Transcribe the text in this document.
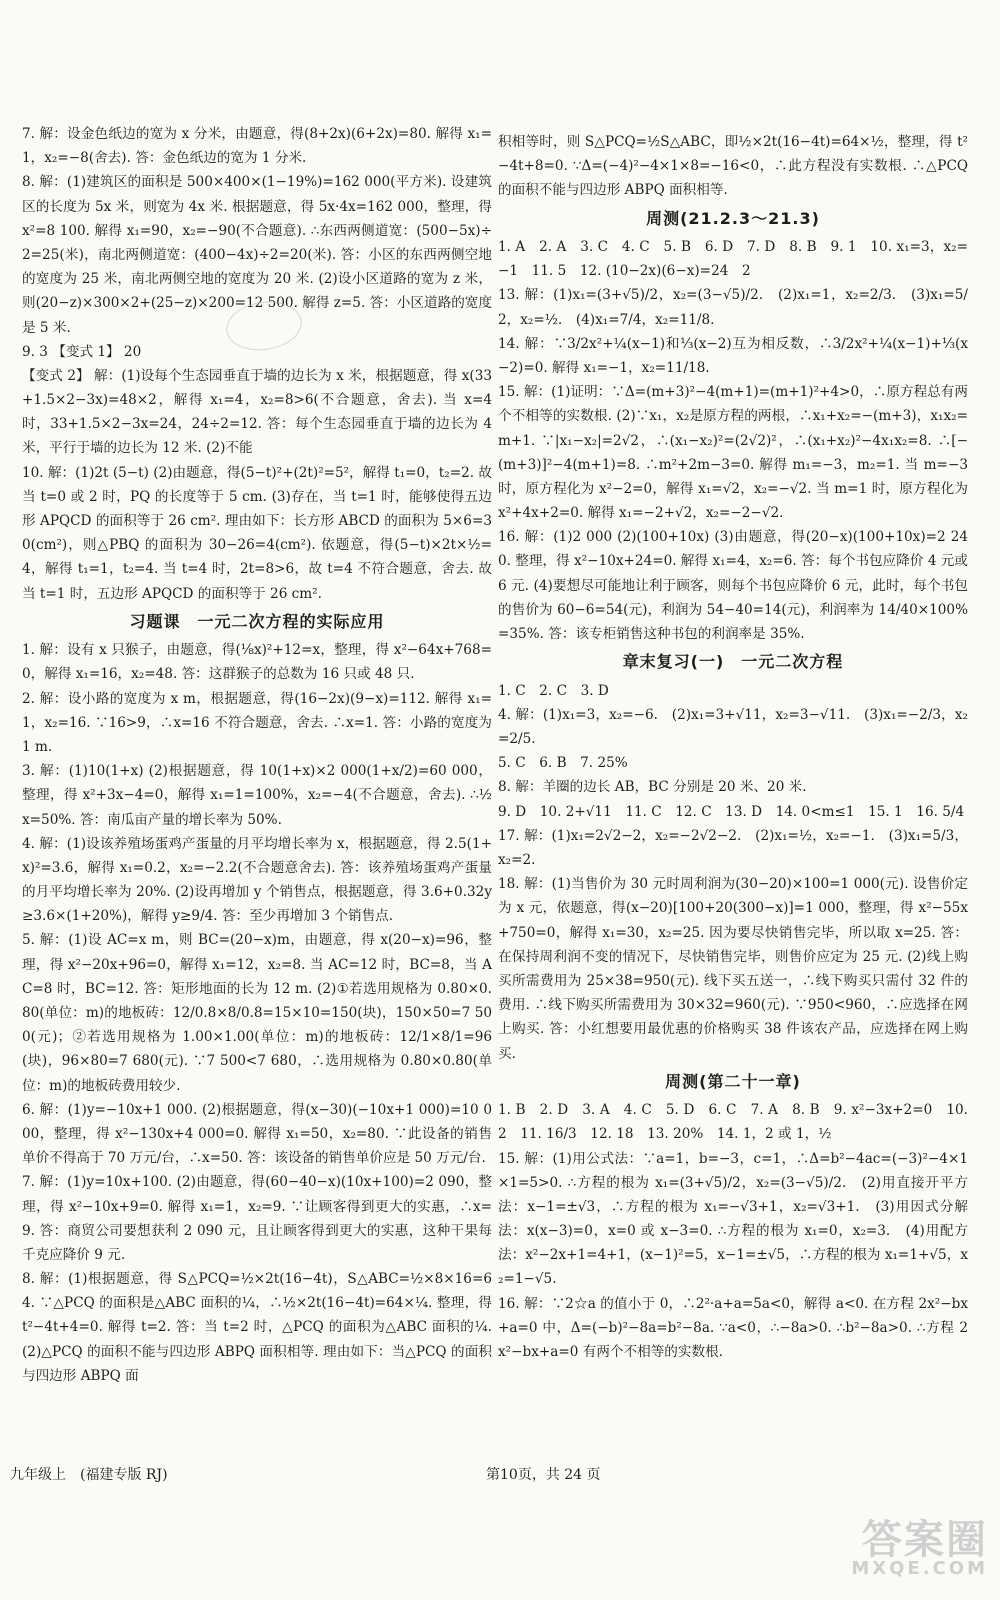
7. 解：设金色纸边的宽为 x 分米，由题意，得(8+2x)(6+2x)=80. 解得 x₁=1，x₂=−8(舍去). 答：金色纸边的宽为 1 分米.
8. 解：(1)建筑区的面积是 500×400×(1−19%)=162 000(平方米). 设建筑区的长度为 5x 米，则宽为 4x 米. 根据题意，得 5x·4x=162 000，整理，得 x²=8 100. 解得 x₁=90，x₂=−90(不合题意). ∴东西两侧道宽：(500−5x)÷2=25(米)，南北两侧道宽：(400−4x)÷2=20(米). 答：小区的东西两侧空地的宽度为 25 米，南北两侧空地的宽度为 20 米. (2)设小区道路的宽为 z 米，则(20−z)×300×2+(25−z)×200=12 500. 解得 z=5. 答：小区道路的宽度是 5 米.
9. 3 【变式 1】 20
【变式 2】 解：(1)设每个生态园垂直于墙的边长为 x 米，根据题意，得 x(33+1.5×2−3x)=48×2，解得 x₁=4，x₂=8>6(不合题意，舍去). 当 x=4 时，33+1.5×2−3x=24，24÷2=12. 答：每个生态园垂直于墙的边长为 4 米，平行于墙的边长为 12 米. (2)不能
10. 解：(1)2t (5−t) (2)由题意，得(5−t)²+(2t)²=5²，解得 t₁=0，t₂=2. 故当 t=0 或 2 时，PQ 的长度等于 5 cm. (3)存在，当 t=1 时，能够使得五边形 APQCD 的面积等于 26 cm². 理由如下：长方形 ABCD 的面积为 5×6=30(cm²)，则△PBQ 的面积为 30−26=4(cm²). 依题意，得(5−t)×2t×½=4，解得 t₁=1，t₂=4. 当 t=4 时，2t=8>6，故 t=4 不符合题意，舍去. 故当 t=1 时，五边形 APQCD 的面积等于 26 cm².
习题课　一元二次方程的实际应用
1. 解：设有 x 只猴子，由题意，得(⅛x)²+12=x，整理，得 x²−64x+768=0，解得 x₁=16，x₂=48. 答：这群猴子的总数为 16 只或 48 只.
2. 解：设小路的宽度为 x m，根据题意，得(16−2x)(9−x)=112. 解得 x₁=1，x₂=16. ∵16>9，∴x=16 不符合题意，舍去. ∴x=1. 答：小路的宽度为 1 m.
3. 解：(1)10(1+x) (2)根据题意，得 10(1+x)×2 000(1+x/2)=60 000，整理，得 x²+3x−4=0，解得 x₁=1=100%，x₂=−4(不合题意，舍去). ∴½x=50%. 答：南瓜亩产量的增长率为 50%.
4. 解：(1)设该养殖场蛋鸡产蛋量的月平均增长率为 x，根据题意，得 2.5(1+x)²=3.6，解得 x₁=0.2，x₂=−2.2(不合题意舍去). 答：该养殖场蛋鸡产蛋量的月平均增长率为 20%. (2)设再增加 y 个销售点，根据题意，得 3.6+0.32y≥3.6×(1+20%)，解得 y≥9/4. 答：至少再增加 3 个销售点.
5. 解：(1)设 AC=x m，则 BC=(20−x)m，由题意，得 x(20−x)=96，整理，得 x²−20x+96=0，解得 x₁=12，x₂=8. 当 AC=12 时，BC=8，当 AC=8 时，BC=12. 答：矩形地面的长为 12 m. (2)①若选用规格为 0.80×0.80(单位：m)的地板砖：12/0.8×8/0.8=15×10=150(块)，150×50=7 500(元)；②若选用规格为 1.00×1.00(单位：m)的地板砖：12/1×8/1=96(块)，96×80=7 680(元). ∵7 500<7 680，∴选用规格为 0.80×0.80(单位：m)的地板砖费用较少.
6. 解：(1)y=−10x+1 000. (2)根据题意，得(x−30)(−10x+1 000)=10 000，整理，得 x²−130x+4 000=0. 解得 x₁=50，x₂=80. ∵此设备的销售单价不得高于 70 万元/台，∴x=50. 答：该设备的销售单价应是 50 万元/台.
7. 解：(1)y=10x+100. (2)由题意，得(60−40−x)(10x+100)=2 090，整理，得 x²−10x+9=0. 解得 x₁=1，x₂=9. ∵让顾客得到更大的实惠，∴x=9. 答：商贸公司要想获利 2 090 元，且让顾客得到更大的实惠，这种干果每千克应降价 9 元.
8. 解：(1)根据题意，得 S△PCQ=½×2t(16−4t)，S△ABC=½×8×16=64. ∵△PCQ 的面积是△ABC 面积的¼，∴½×2t(16−4t)=64×¼. 整理，得 t²−4t+4=0. 解得 t=2. 答：当 t=2 时，△PCQ 的面积为△ABC 面积的¼. (2)△PCQ 的面积不能与四边形 ABPQ 面积相等. 理由如下：当△PCQ 的面积与四边形 ABPQ 面
积相等时，则 S△PCQ=½S△ABC，即½×2t(16−4t)=64×½，整理，得 t²−4t+8=0. ∵Δ=(−4)²−4×1×8=−16<0，∴此方程没有实数根. ∴△PCQ 的面积不能与四边形 ABPQ 面积相等.
周测(21.2.3～21.3)
1. A　2. A　3. C　4. C　5. B　6. D　7. D　8. B　9. 1　10. x₁=3，x₂=−1　11. 5　12. (10−2x)(6−x)=24　2
13. 解：(1)x₁=(3+√5)/2，x₂=(3−√5)/2.　(2)x₁=1，x₂=2/3.　(3)x₁=5/2，x₂=½.　(4)x₁=7/4，x₂=11/8.
14. 解：∵3/2x²+¼(x−1)和⅓(x−2)互为相反数，∴3/2x²+¼(x−1)+⅓(x−2)=0. 解得 x₁=−1，x₂=11/18.
15. 解：(1)证明：∵Δ=(m+3)²−4(m+1)=(m+1)²+4>0，∴原方程总有两个不相等的实数根. (2)∵x₁，x₂是原方程的两根，∴x₁+x₂=−(m+3)，x₁x₂=m+1. ∵|x₁−x₂|=2√2，∴(x₁−x₂)²=(2√2)²，∴(x₁+x₂)²−4x₁x₂=8. ∴[−(m+3)]²−4(m+1)=8. ∴m²+2m−3=0. 解得 m₁=−3，m₂=1. 当 m=−3 时，原方程化为 x²−2=0，解得 x₁=√2，x₂=−√2. 当 m=1 时，原方程化为 x²+4x+2=0. 解得 x₁=−2+√2，x₂=−2−√2.
16. 解：(1)2 000 (2)(100+10x) (3)由题意，得(20−x)(100+10x)=2 240. 整理，得 x²−10x+24=0. 解得 x₁=4，x₂=6. 答：每个书包应降价 4 元或 6 元. (4)要想尽可能地让利于顾客，则每个书包应降价 6 元，此时，每个书包的售价为 60−6=54(元)，利润为 54−40=14(元)，利润率为 14/40×100%=35%. 答：该专柜销售这种书包的利润率是 35%.
章末复习(一)　一元二次方程
1. C　2. C　3. D
4. 解：(1)x₁=3，x₂=−6.　(2)x₁=3+√11，x₂=3−√11.　(3)x₁=−2/3，x₂=2/5.
5. C　6. B　7. 25%
8. 解：羊圈的边长 AB，BC 分别是 20 米、20 米.
9. D　10. 2+√11　11. C　12. C　13. D　14. 0<m≤1　15. 1　16. 5/4
17. 解：(1)x₁=2√2−2，x₂=−2√2−2.　(2)x₁=½，x₂=−1.　(3)x₁=5/3，x₂=2.
18. 解：(1)当售价为 30 元时周利润为(30−20)×100=1 000(元). 设售价定为 x 元，依题意，得(x−20)[100+20(300−x)]=1 000，整理，得 x²−55x+750=0，解得 x₁=30，x₂=25. 因为要尽快销售完毕，所以取 x=25. 答：在保持周利润不变的情况下，尽快销售完毕，则售价应定为 25 元. (2)线上购买所需费用为 25×38=950(元). 线下买五送一，∴线下购买只需付 32 件的费用. ∴线下购买所需费用为 30×32=960(元). ∵950<960，∴应选择在网上购买. 答：小红想要用最优惠的价格购买 38 件该农产品，应选择在网上购买.
周测(第二十一章)
1. B　2. D　3. A　4. C　5. D　6. C　7. A　8. B　9. x²−3x+2=0　10. 2　11. 16/3　12. 18　13. 20%　14. 1，2 或 1，½
15. 解：(1)用公式法：∵a=1，b=−3，c=1，∴Δ=b²−4ac=(−3)²−4×1×1=5>0. ∴方程的根为 x₁=(3+√5)/2，x₂=(3−√5)/2.　(2)用直接开平方法：x−1=±√3，∴方程的根为 x₁=−√3+1，x₂=√3+1.　(3)用因式分解法：x(x−3)=0，x=0 或 x−3=0. ∴方程的根为 x₁=0，x₂=3.　(4)用配方法：x²−2x+1=4+1，(x−1)²=5，x−1=±√5，∴方程的根为 x₁=1+√5，x₂=1−√5.
16. 解：∵2☆a 的值小于 0，∴2²·a+a=5a<0，解得 a<0. 在方程 2x²−bx+a=0 中，Δ=(−b)²−8a=b²−8a. ∵a<0，∴−8a>0. ∴b²−8a>0. ∴方程 2x²−bx+a=0 有两个不相等的实数根.
九年级上　(福建专版 RJ)	第10页，共 24 页
答案圈
MXQE.COM
